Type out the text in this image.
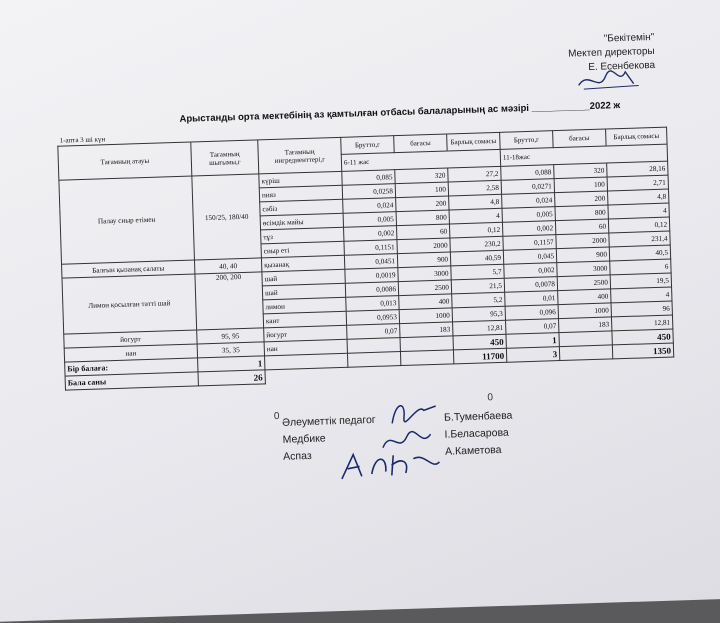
"Бекітемін"
Мектеп директоры
Е. Есенбекова
Арыстанды орта мектебінің аз қамтылған отбасы балаларының ас мәзірі ___________2022 ж
1-апта 3 ші күн								
Тағамның атауы	Тағамның шығымы,г	Тағамның ингредиенттері,г	Брутто,г	бағасы	Барлық сомасы	Брутто,г	бағасы	Барлық сомасы
			6-11 жас			11-18жас		
Палау сиыр етімен	150/25, 180/40	күріш	0,085	320	27,2	0,088	320	28,16
		пияз	0,0258	100	2,58	0,0271	100	2,71
		сәбіз	0,024	200	4,8	0,024	200	4,8
		өсімдік майы	0,005	800	4	0,005	800	4
		тұз	0,002	60	0,12	0,002	60	0,12
		сиыр еті	0,1151	2000	230,2	0,1157	2000	231,4
Балғын қызанақ салаты	40, 40	қызанақ	0,0451	900	40,59	0,045	900	40,5
Лимон қосылған тәтті шай	200, 200	шай	0,0019	3000	5,7	0,002	3000	6
		шай	0,0086	2500	21,5	0,0078	2500	19,5
		лимон	0,013	400	5,2	0,01	400	4
		кант	0,0953	1000	95,3	0,096	1000	96
йогурт	95, 95	йогурт	0,07	183	12,81	0,07	183	12,81
нан	35, 35	нан			450	1		450
Бір балаға:	1				11700	3		1350
Бала саны	26							
0
0
Әлеуметтік педагог
Медбике
Аспаз
Б.Туменбаева
І.Беласарова
А.Каметова
